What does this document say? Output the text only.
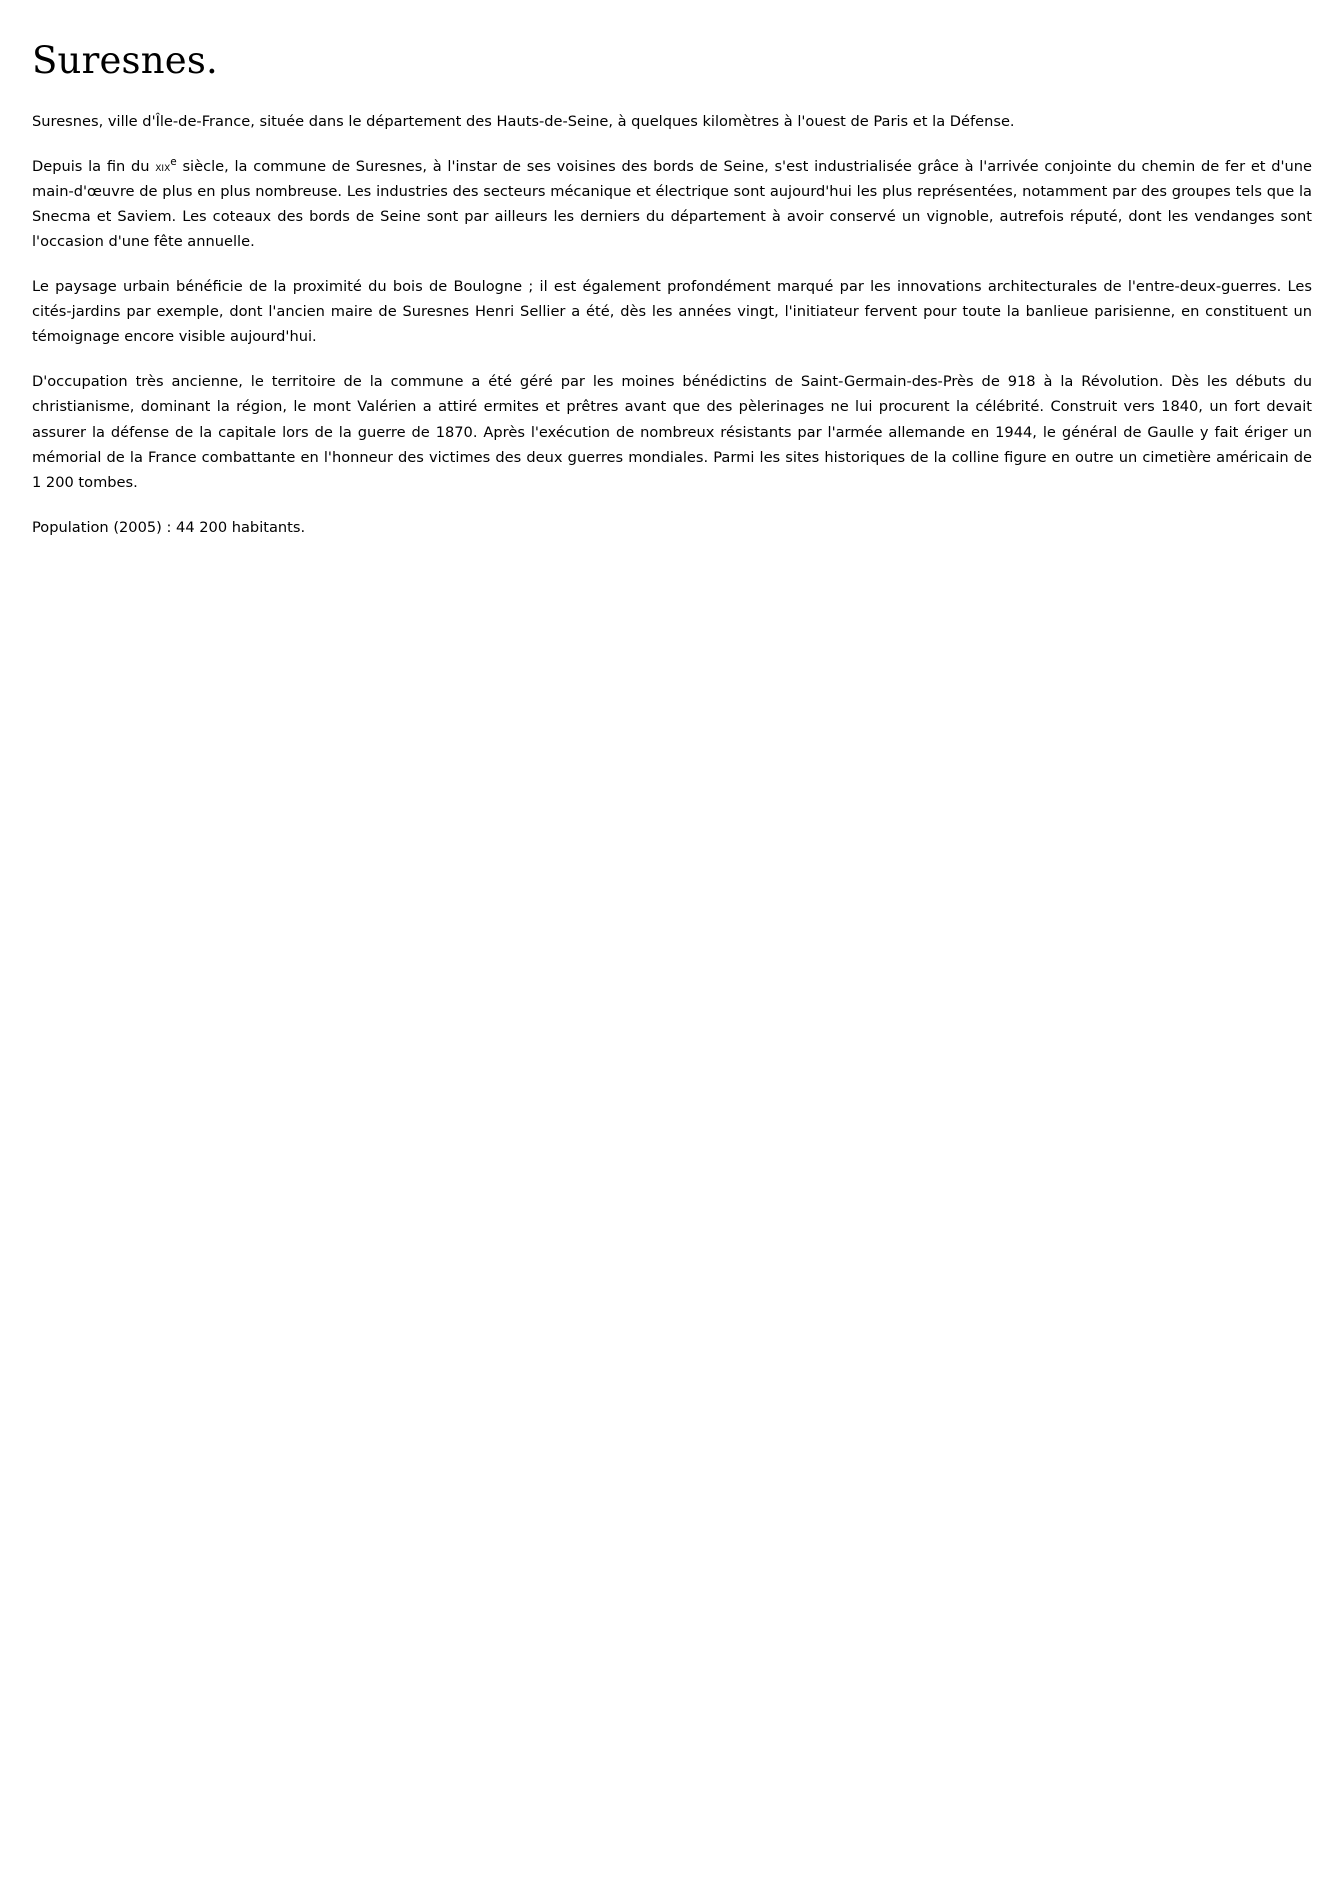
Suresnes.

Suresnes, ville d'Île-de-France, située dans le département des Hauts-de-Seine, à quelques kilomètres à l'ouest de Paris et la Défense.

Depuis la fin du xix$^e$ siècle, la commune de Suresnes, à l'instar de ses voisines des bords de Seine, s'est industrialisée grâce à l'arrivée conjointe du chemin de fer et d'une main-d'œuvre de plus en plus nombreuse. Les industries des secteurs mécanique et électrique sont aujourd'hui les plus représentées, notamment par des groupes tels que la Snecma et Saviem. Les coteaux des bords de Seine sont par ailleurs les derniers du département à avoir conservé un vignoble, autrefois réputé, dont les vendanges sont l'occasion d'une fête annuelle.

Le paysage urbain bénéficie de la proximité du bois de Boulogne ; il est également profondément marqué par les innovations architecturales de l'entre-deux-guerres. Les cités-jardins par exemple, dont l'ancien maire de Suresnes Henri Sellier a été, dès les années vingt, l'initiateur fervent pour toute la banlieue parisienne, en constituent un témoignage encore visible aujourd'hui.

D'occupation très ancienne, le territoire de la commune a été géré par les moines bénédictins de Saint-Germain-des-Près de 918 à la Révolution. Dès les débuts du christianisme, dominant la région, le mont Valérien a attiré ermites et prêtres avant que des pèlerinages ne lui procurent la célébrité. Construit vers 1840, un fort devait assurer la défense de la capitale lors de la guerre de 1870. Après l'exécution de nombreux résistants par l'armée allemande en 1944, le général de Gaulle y fait ériger un mémorial de la France combattante en l'honneur des victimes des deux guerres mondiales. Parmi les sites historiques de la colline figure en outre un cimetière américain de 1 200 tombes.

Population (2005) : 44 200 habitants.
